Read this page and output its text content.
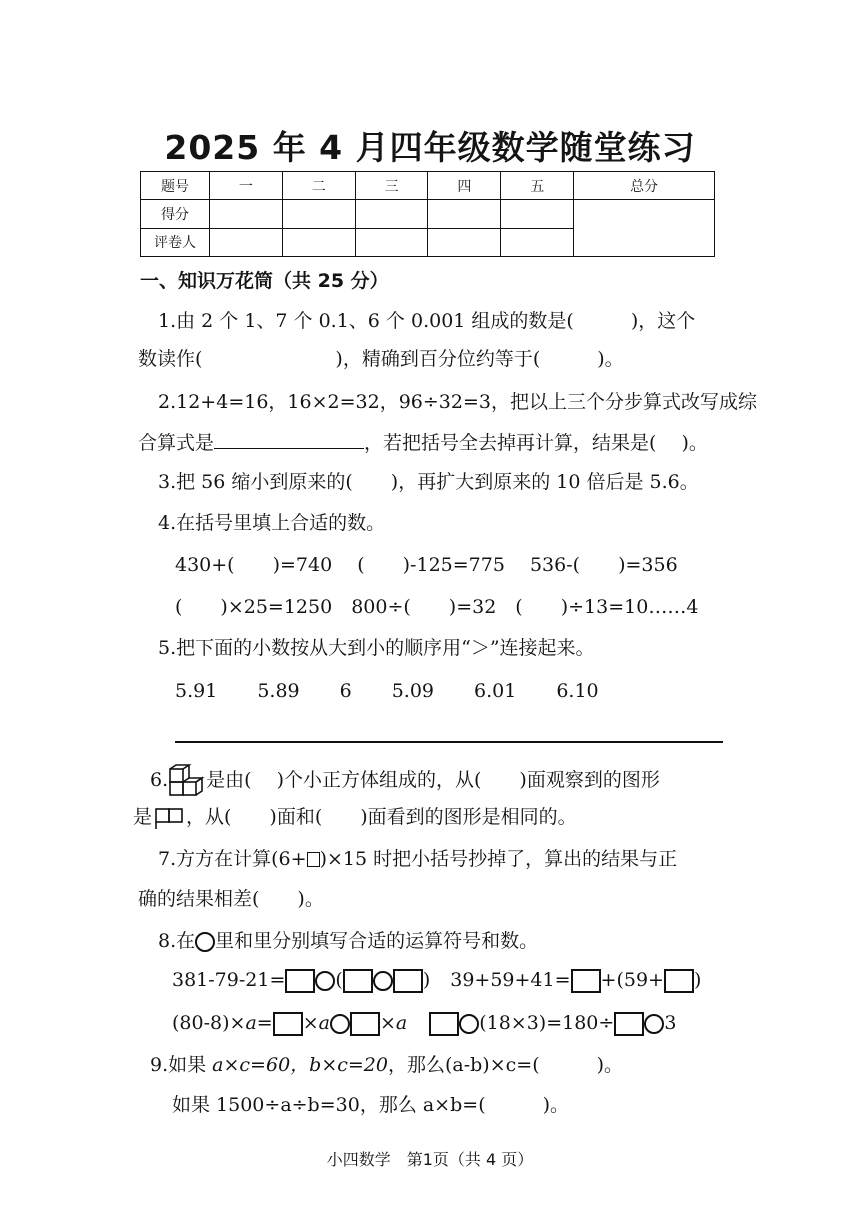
2025 年 4 月四年级数学随堂练习
题号	一	二	三	四	五	总分
得分						
评卷人						
一、知识万花筒（共 25 分）
1.由 2 个 1、7 个 0.1、6 个 0.001 组成的数是(　　　)，这个
数读作(　　　　　　　)，精确到百分位约等于(　　　)。
2.12+4=16，16×2=32，96÷32=3，把以上三个分步算式改写成综
合算式是	，若把括号全去掉再计算，结果是(　 )。
3.把 56 缩小到原来的(　　)，再扩大到原来的 10 倍后是 5.6。
4.在括号里填上合适的数。
430+(　　)=740　 (　　)-125=775　 536-(　　)=356
(　　)×25=1250　800÷(　　)=32　(　　)÷13=10……4
5.把下面的小数按从大到小的顺序用“＞”连接起来。
5.91 5.89 6 5.09 6.01 6.10
6. 是由(　 )个小正方体组成的，从(　　)面观察到的图形
是 ，从(　　)面和(　　)面看到的图形是相同的。
7.方方在计算(6+ )×15 时把小括号抄掉了，算出的结果与正
确的结果相差(　　)。
8.在 里和里分别填写合适的运算符号和数。
381-79-21=	(	) 39+59+41= +(59+ )
(80-8)×a= ×a	×a	(18×3)=180÷	3
9.如果 a×c=60，b×c=20，那么(a-b)×c=(　　　)。
如果 1500÷a÷b=30，那么 a×b=(　　　)。
小四数学　第1页（共 4 页）
